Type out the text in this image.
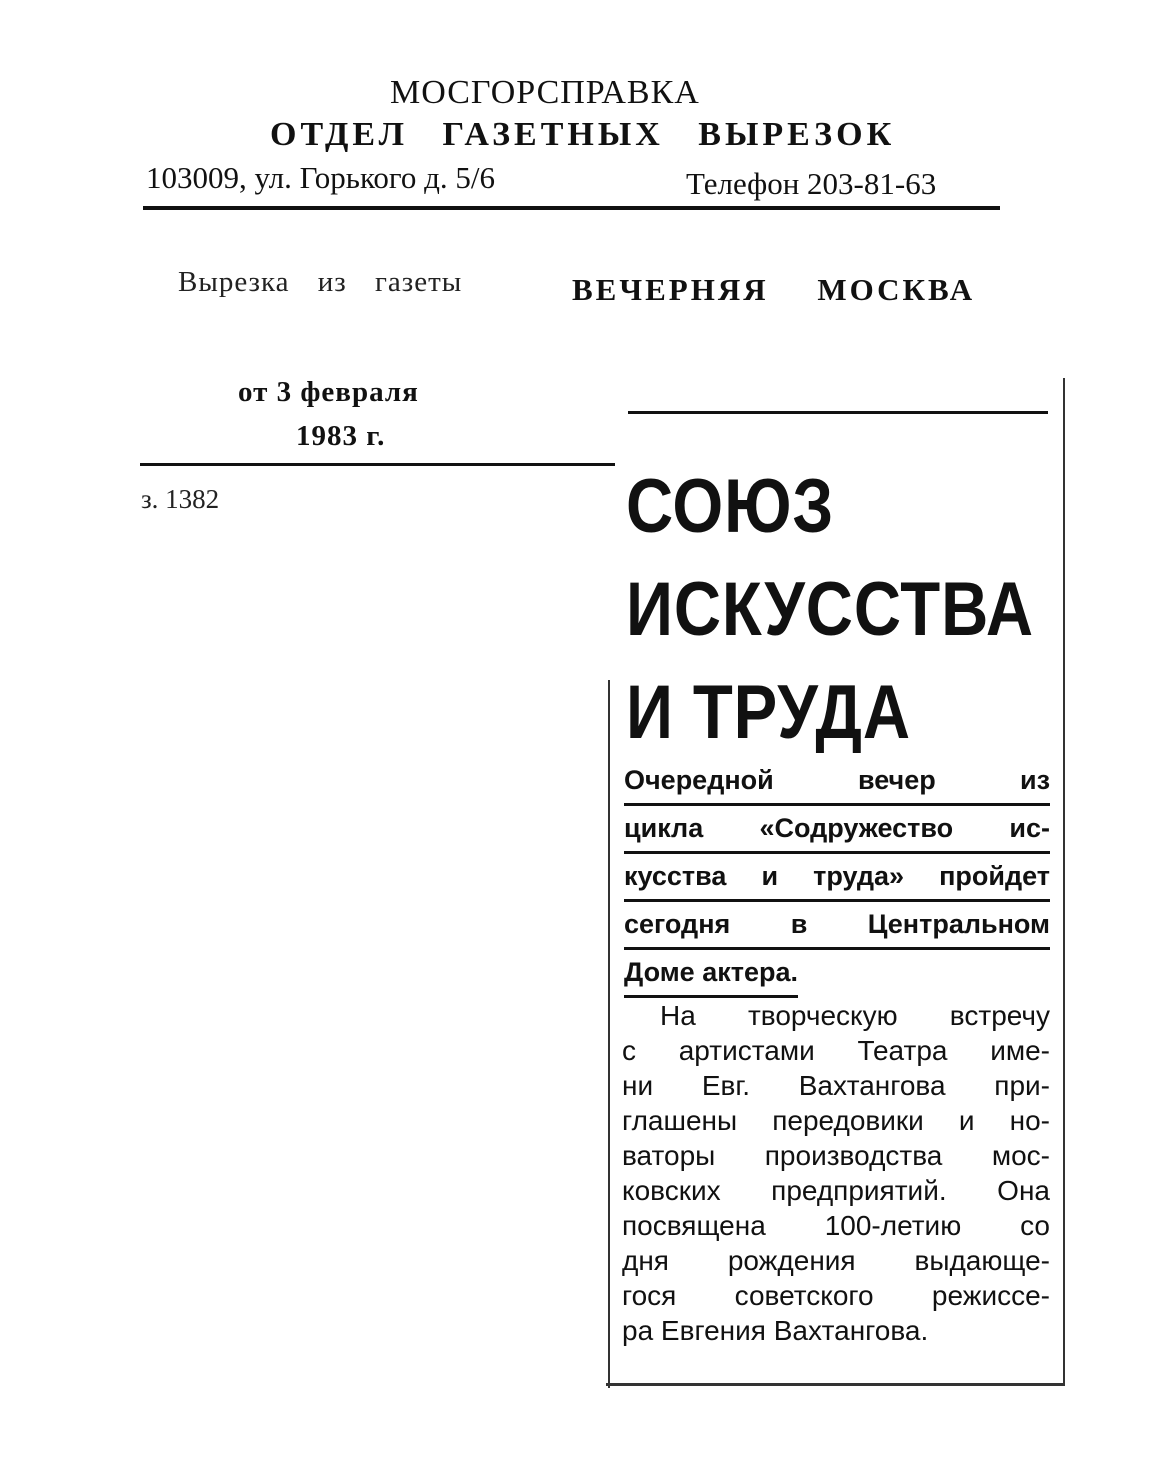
МОСГОРСПРАВКА
ОТДЕЛ ГАЗЕТНЫХ ВЫРЕЗОК
103009, ул. Горького д. 5/6	Телефон 203-81-63
Вырезка из газеты	ВЕЧЕРНЯЯ МОСКВА
от 3 февраля
1983 г.
з. 1382	СОЮЗ
ИСКУССТВА
И ТРУДА
Очередной вечер из
цикла «Содружество ис-
кусства и труда» пройдет
сегодня в Центральном
Доме актера.
На творческую встречу
с артистами Театра име-
ни Евг. Вахтангова при-
глашены передовики и но-
ваторы производства мос-
ковских предприятий. Она
посвящена 100-летию со
дня рождения выдающе-
гося советского режиссе-
ра Евгения Вахтангова.
